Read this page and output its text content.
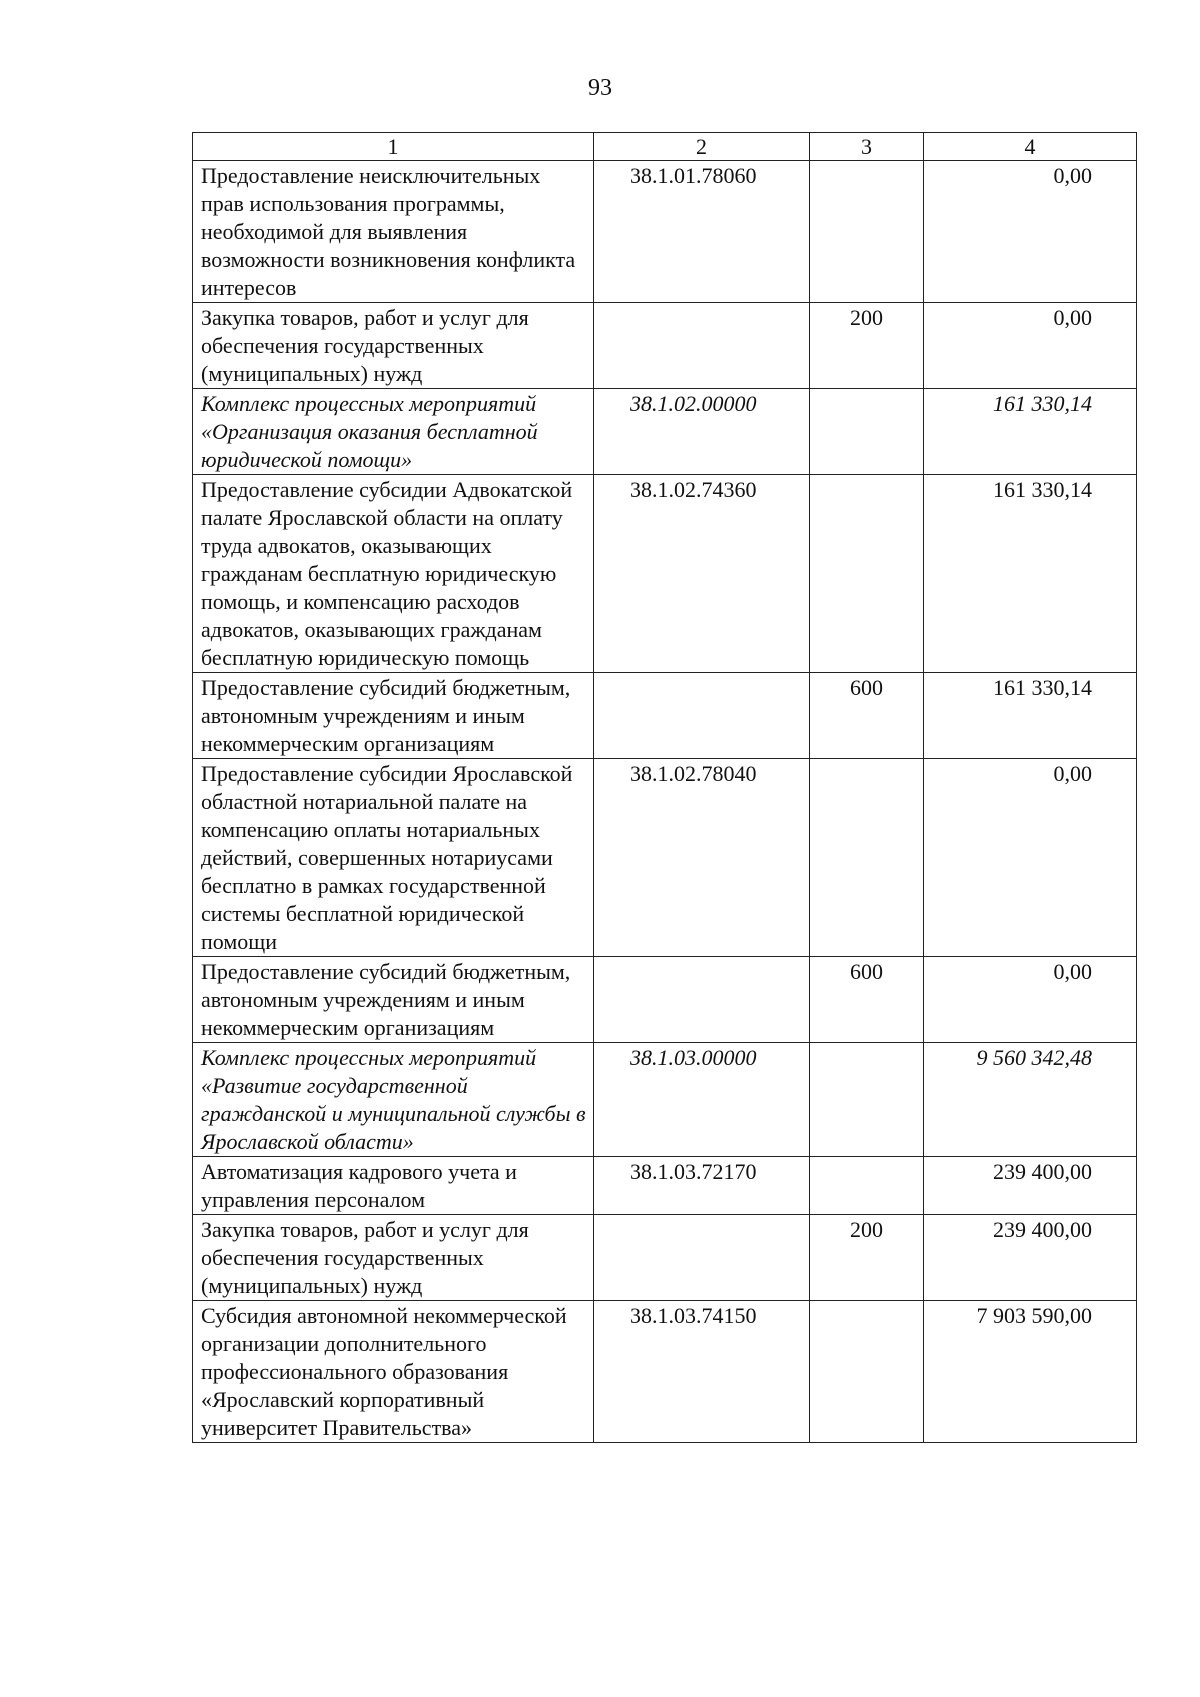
93
1	2	3	4
Предоставление неисключительных прав использования программы, необходимой для выявления возможности возникновения конфликта интересов	38.1.01.78060		0,00
Закупка товаров, работ и услуг для обеспечения государственных (муниципальных) нужд		200	0,00
Комплекс процессных мероприятий «Организация оказания бесплатной юридической помощи»	38.1.02.00000		161 330,14
Предоставление субсидии Адвокатской палате Ярославской области на оплату труда адвокатов, оказывающих гражданам бесплатную юридическую помощь, и компенсацию расходов адвокатов, оказывающих гражданам бесплатную юридическую помощь	38.1.02.74360		161 330,14
Предоставление субсидий бюджетным, автономным учреждениям и иным некоммерческим организациям		600	161 330,14
Предоставление субсидии Ярославской областной нотариальной палате на компенсацию оплаты нотариальных действий, совершенных нотариусами бесплатно в рамках государственной системы бесплатной юридической помощи	38.1.02.78040		0,00
Предоставление субсидий бюджетным, автономным учреждениям и иным некоммерческим организациям		600	0,00
Комплекс процессных мероприятий «Развитие государственной гражданской и муниципальной службы в Ярославской области»	38.1.03.00000		9 560 342,48
Автоматизация кадрового учета и управления персоналом	38.1.03.72170		239 400,00
Закупка товаров, работ и услуг для обеспечения государственных (муниципальных) нужд		200	239 400,00
Субсидия автономной некоммерческой организации дополнительного профессионального образования «Ярославский корпоративный университет Правительства»	38.1.03.74150		7 903 590,00
